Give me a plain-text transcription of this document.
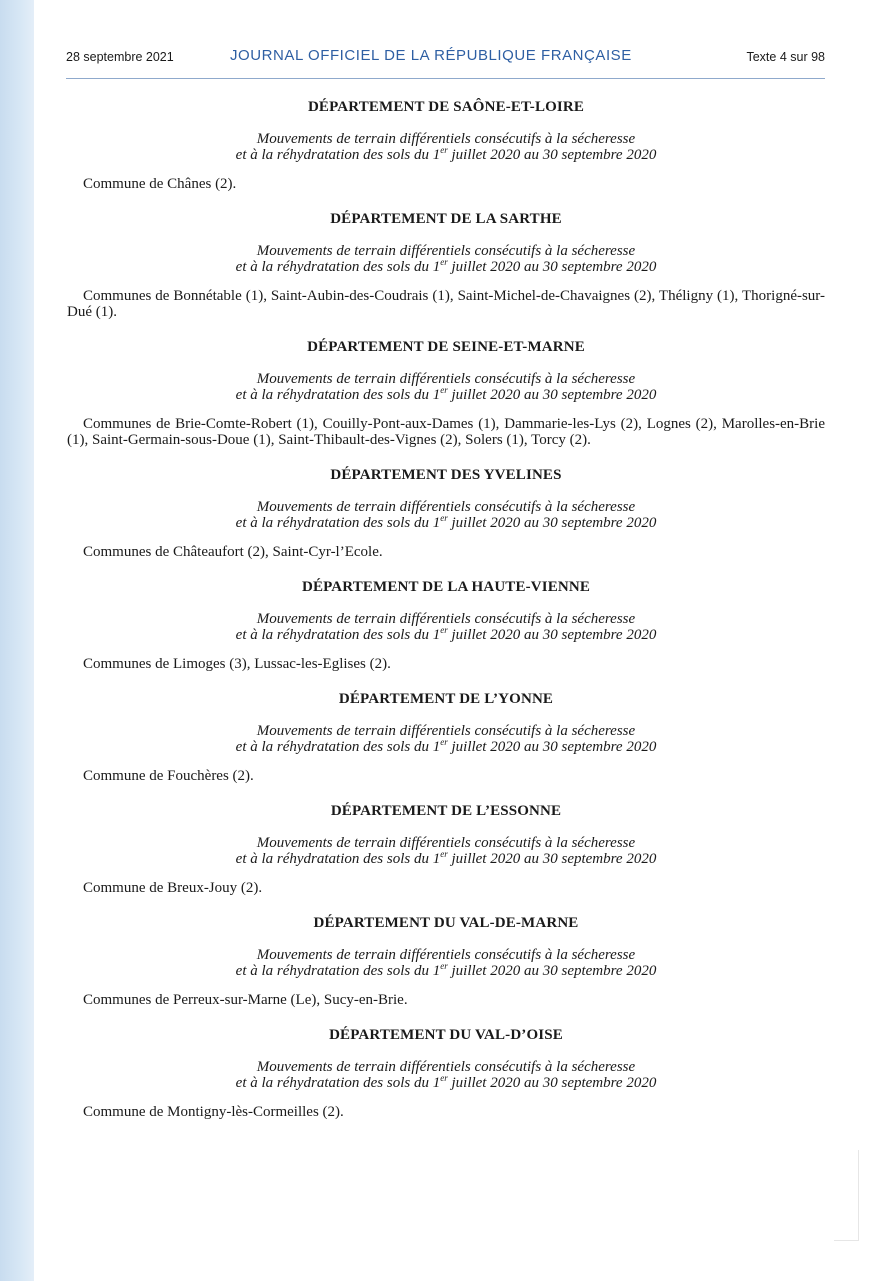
28 septembre 2021	JOURNAL OFFICIEL DE LA RÉPUBLIQUE FRANÇAISE	Texte 4 sur 98
DÉPARTEMENT DE SAÔNE-ET-LOIRE

Mouvements de terrain différentiels consécutifs à la sécheresse
et à la réhydratation des sols du 1er juillet 2020 au 30 septembre 2020

Commune de Chânes (2).

DÉPARTEMENT DE LA SARTHE

Mouvements de terrain différentiels consécutifs à la sécheresse
et à la réhydratation des sols du 1er juillet 2020 au 30 septembre 2020

Communes de Bonnétable (1), Saint-Aubin-des-Coudrais (1), Saint-Michel-de-Chavaignes (2), Théligny (1), Thorigné-sur-Dué (1).

DÉPARTEMENT DE SEINE-ET-MARNE

Mouvements de terrain différentiels consécutifs à la sécheresse
et à la réhydratation des sols du 1er juillet 2020 au 30 septembre 2020

Communes de Brie-Comte-Robert (1), Couilly-Pont-aux-Dames (1), Dammarie-les-Lys (2), Lognes (2), Marolles-en-Brie (1), Saint-Germain-sous-Doue (1), Saint-Thibault-des-Vignes (2), Solers (1), Torcy (2).

DÉPARTEMENT DES YVELINES

Mouvements de terrain différentiels consécutifs à la sécheresse
et à la réhydratation des sols du 1er juillet 2020 au 30 septembre 2020

Communes de Châteaufort (2), Saint-Cyr-l’Ecole.

DÉPARTEMENT DE LA HAUTE-VIENNE

Mouvements de terrain différentiels consécutifs à la sécheresse
et à la réhydratation des sols du 1er juillet 2020 au 30 septembre 2020

Communes de Limoges (3), Lussac-les-Eglises (2).

DÉPARTEMENT DE L’YONNE

Mouvements de terrain différentiels consécutifs à la sécheresse
et à la réhydratation des sols du 1er juillet 2020 au 30 septembre 2020

Commune de Fouchères (2).

DÉPARTEMENT DE L’ESSONNE

Mouvements de terrain différentiels consécutifs à la sécheresse
et à la réhydratation des sols du 1er juillet 2020 au 30 septembre 2020

Commune de Breux-Jouy (2).

DÉPARTEMENT DU VAL-DE-MARNE

Mouvements de terrain différentiels consécutifs à la sécheresse
et à la réhydratation des sols du 1er juillet 2020 au 30 septembre 2020

Communes de Perreux-sur-Marne (Le), Sucy-en-Brie.

DÉPARTEMENT DU VAL-D’OISE

Mouvements de terrain différentiels consécutifs à la sécheresse
et à la réhydratation des sols du 1er juillet 2020 au 30 septembre 2020

Commune de Montigny-lès-Cormeilles (2).
